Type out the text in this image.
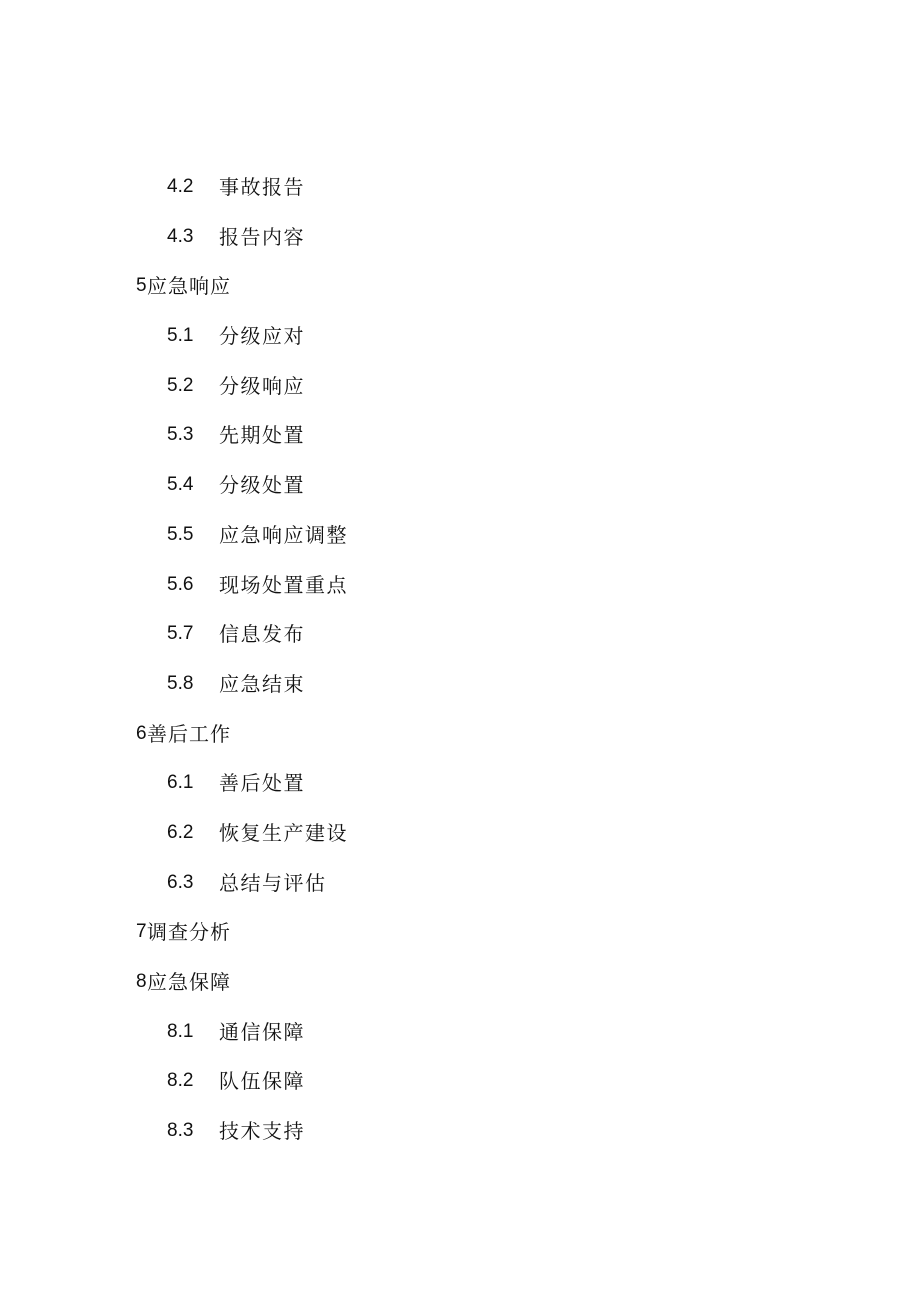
4.2 事故报告
4.3 报告内容
5 应急响应
5.1 分级应对
5.2 分级响应
5.3 先期处置
5.4 分级处置
5.5 应急响应调整
5.6 现场处置重点
5.7 信息发布
5.8 应急结束
6 善后工作
6.1 善后处置
6.2 恢复生产建设
6.3 总结与评估
7 调查分析
8 应急保障
8.1 通信保障
8.2 队伍保障
8.3 技术支持
